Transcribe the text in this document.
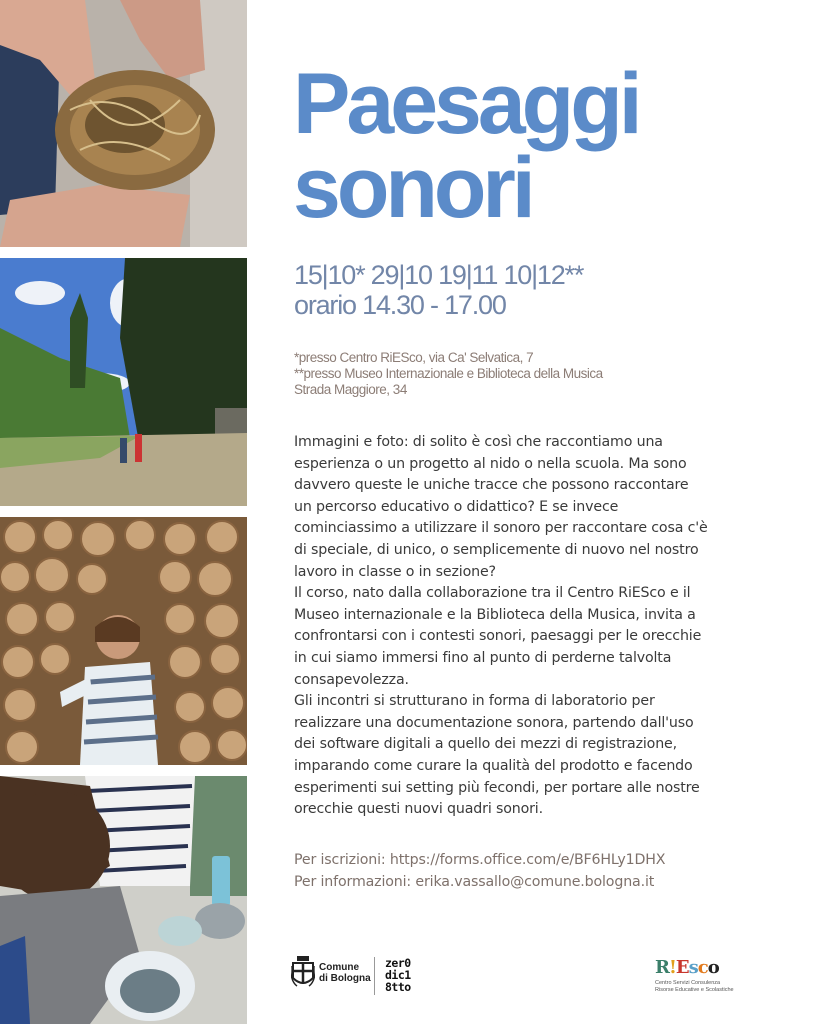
Paesaggi
sonori
15|10* 29|10 19|11 10|12**
orario 14.30 - 17.00
*presso Centro RiESco, via Ca' Selvatica, 7
**presso Museo Internazionale e Biblioteca della Musica
Strada Maggiore, 34

Immagini e foto: di solito è così che raccontiamo una

esperienza o un progetto al nido o nella scuola. Ma sono

davvero queste le uniche tracce che possono raccontare

un percorso educativo o didattico? E se invece

cominciassimo a utilizzare il sonoro per raccontare cosa c'è

di speciale, di unico, o semplicemente di nuovo nel nostro

lavoro in classe o in sezione?

Il corso, nato dalla collaborazione tra il Centro RiESco e il

Museo internazionale e la Biblioteca della Musica, invita a

confrontarsi con i contesti sonori, paesaggi per le orecchie

in cui siamo immersi fino al punto di perderne talvolta

consapevolezza.

Gli incontri si strutturano in forma di laboratorio per

realizzare una documentazione sonora, partendo dall'uso

dei software digitali a quello dei mezzi di registrazione,

imparando come curare la qualità del prodotto e facendo

esperimenti sui setting più fecondi, per portare alle nostre

orecchie questi nuovi quadri sonori.

Per iscrizioni: https://forms.office.com/e/BF6HLy1DHX

Per informazioni: erika.vassallo@comune.bologna.it

Comune
di Bologna
zer0
dic1
8tto
R!Esco
Centro Servizi Consulenza
Risorse Educative e Scolastiche
